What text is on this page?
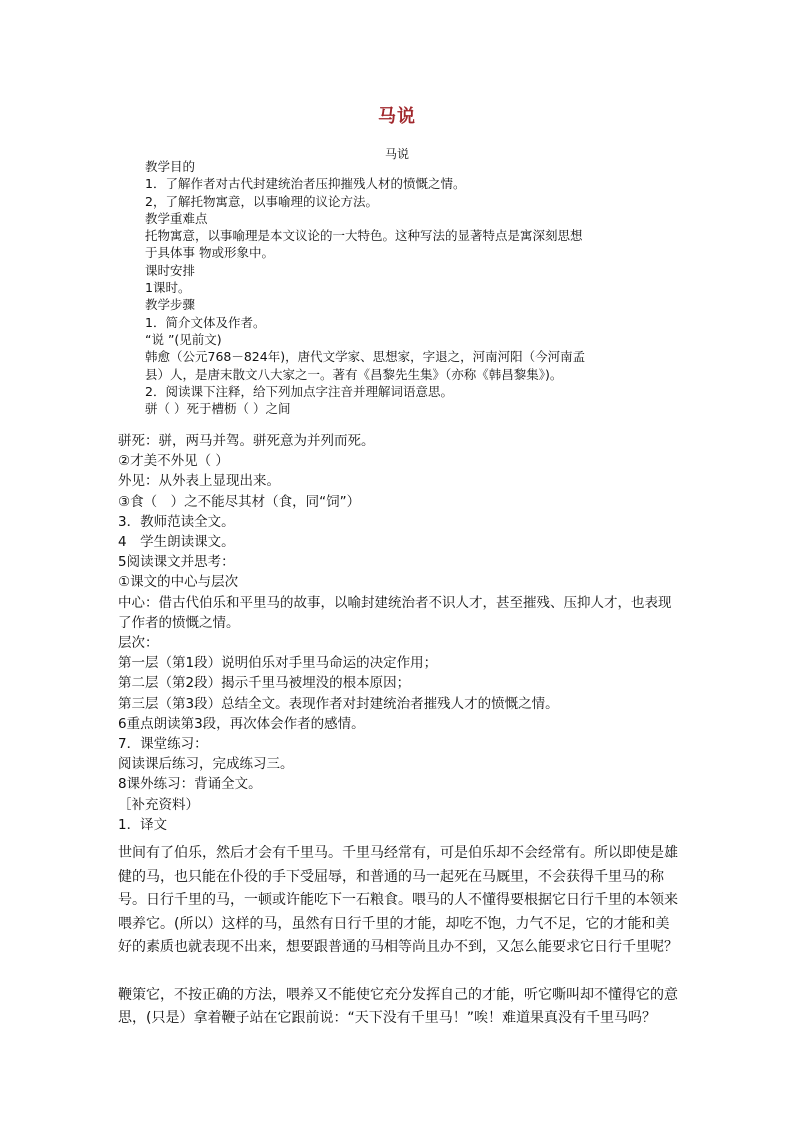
马说
马说
教学目的
1．了解作者对古代封建统治者压抑摧残人材的愤慨之情。
2，了解托物寓意，以事喻理的议论方法。
教学重难点
托物寓意，以事喻理是本文议论的一大特色。这种写法的显著特点是寓深刻思想
于具体事 物或形象中。
课时安排
1课时。
教学步骤
1．简介文体及作者。
“说 ”(见前文)
韩愈（公元768－824年)，唐代文学家、思想家，字退之，河南河阳（今河南孟
县）人，是唐末散文八大家之一。著有《昌黎先生集》（亦称《韩昌黎集》)。
2．阅读课下注释，给下列加点字注音并理解词语意思。
骈（ ）死于槽枥（ ）之间
骈死：骈，两马并驾。骈死意为并列而死。
②才美不外见（ ）
外见：从外表上显现出来。
③食（　）之不能尽其材（食，同“饲”）
3．教师范读全文。
4　学生朗读课文。
5阅读课文并思考：
①课文的中心与层次
中心：借古代伯乐和平里马的故事，以喻封建统治者不识人才，甚至摧残、压抑人才，也表现了作者的愤慨之情。
层次：
第一层（第1段）说明伯乐对手里马命运的决定作用；
第二层（第2段）揭示千里马被埋没的根本原因；
第三层（第3段）总结全文。表现作者对封建统治者摧残人才的愤慨之情。
6重点朗读第3段，再次体会作者的感情。
7．课堂练习：
阅读课后练习，完成练习三。
8课外练习：背诵全文。
［补充资料）
1．译文

世间有了伯乐，然后才会有千里马。千里马经常有，可是伯乐却不会经常有。所以即使是雄健的马，也只能在仆役的手下受屈辱，和普通的马一起死在马厩里，不会获得千里马的称号。日行千里的马，一顿或许能吃下一石粮食。喂马的人不懂得要根据它日行千里的本领来喂养它。(所以）这样的马，虽然有日行千里的才能，却吃不饱，力气不足，它的才能和美好的素质也就表现不出来，想要跟普通的马相等尚且办不到，又怎么能要求它日行千里呢？

鞭策它，不按正确的方法，喂养又不能使它充分发挥自己的才能，听它嘶叫却不懂得它的意思，(只是）拿着鞭子站在它跟前说：“天下没有千里马！”唉！难道果真没有千里马吗？
